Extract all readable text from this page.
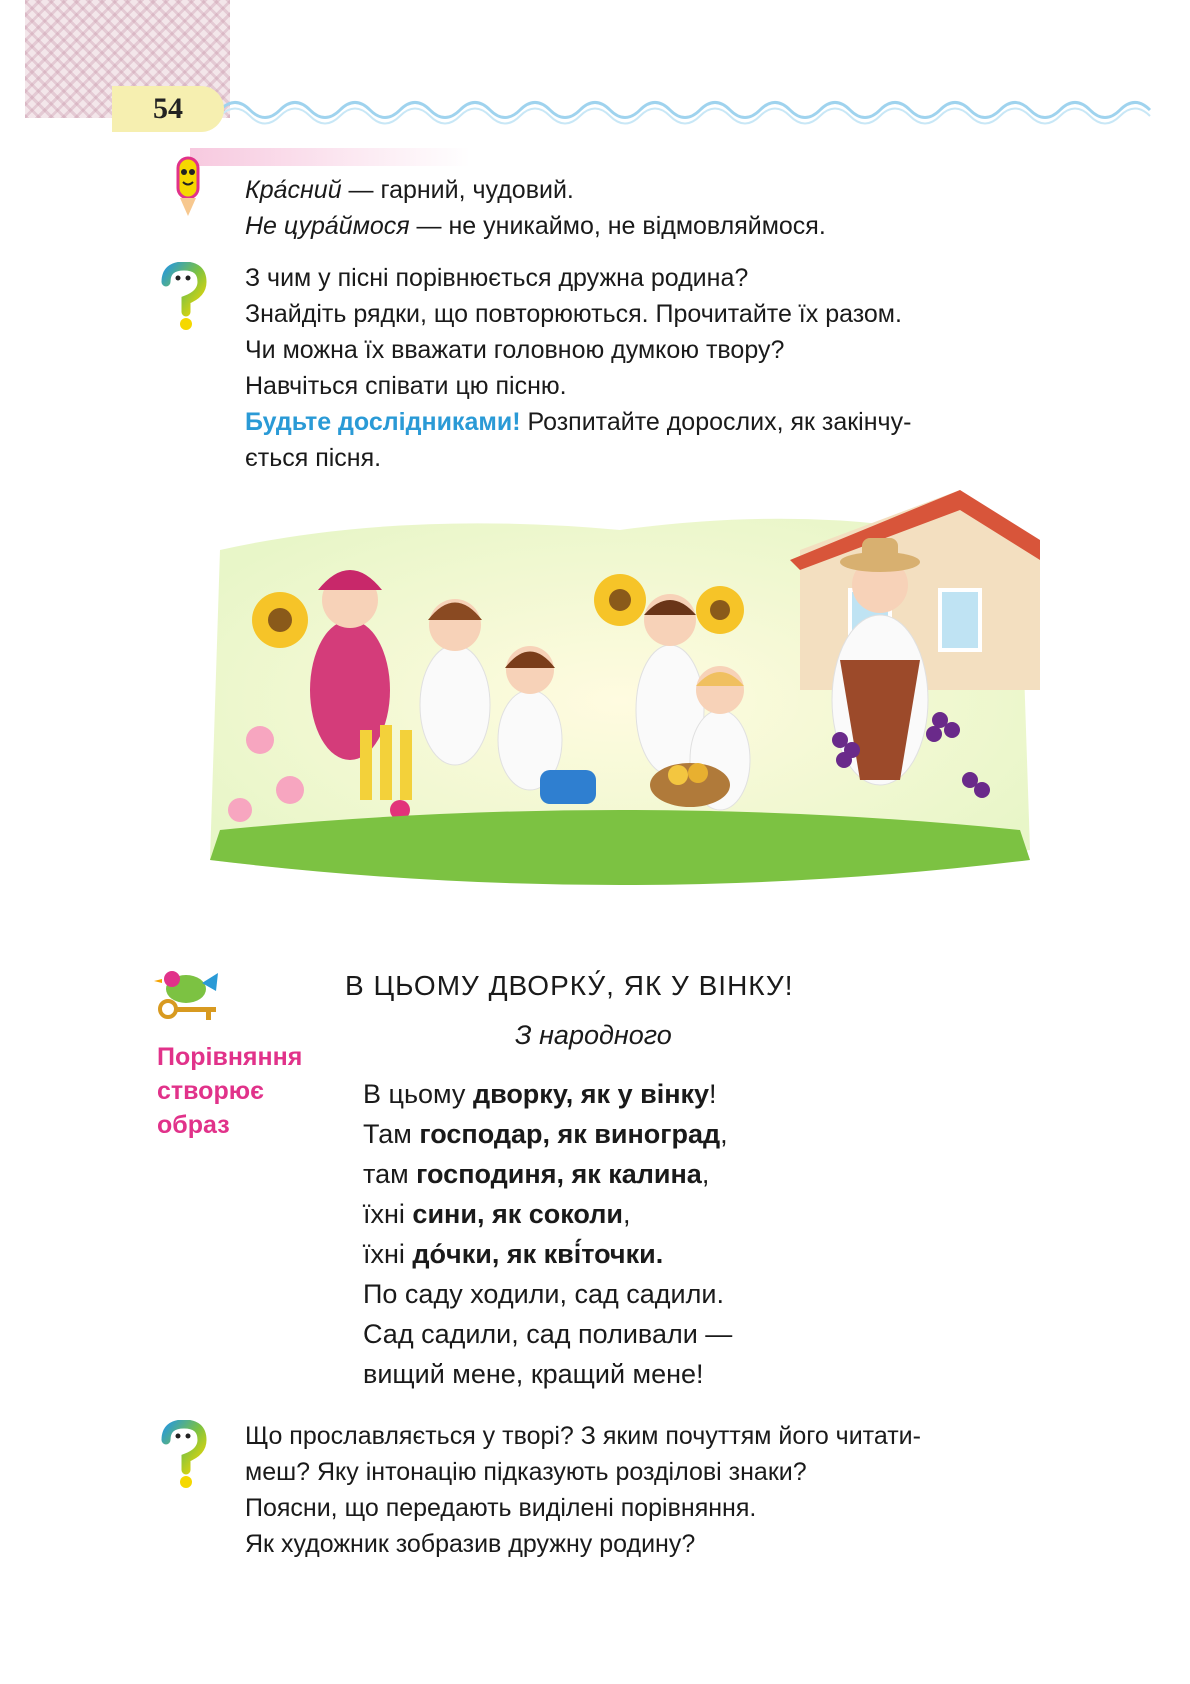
54

Кра́сний — гарний, чудовий.

Не цура́ймося — не уникаймо, не відмовляймося.

З чим у пісні порівнюється дружна родина?

Знайдіть рядки, що повторюються. Прочитайте їх разом.

Чи можна їх вважати головною думкою твору?

Навчіться співати цю пісню.

Будьте дослідниками! Розпитайте дорослих, як закінчу-

ється пісня.

Порівняння
створює
образ
В ЦЬОМУ ДВОРКУ́, ЯК У ВІНКУ!
З народного

В цьому дворку, як у вінку!

Там господар, як виноград,

там господиня, як калина,

їхні сини, як соколи,

їхні до́чки, як кві́точки.

По саду ходили, сад садили.

Сад садили, сад поливали —

вищий мене, кращий мене!

Що прославляється у творі? З яким почуттям його читати-

меш? Яку інтонацію підказують розділові знаки?

Поясни, що передають виділені порівняння.

Як художник зобразив дружну родину?
